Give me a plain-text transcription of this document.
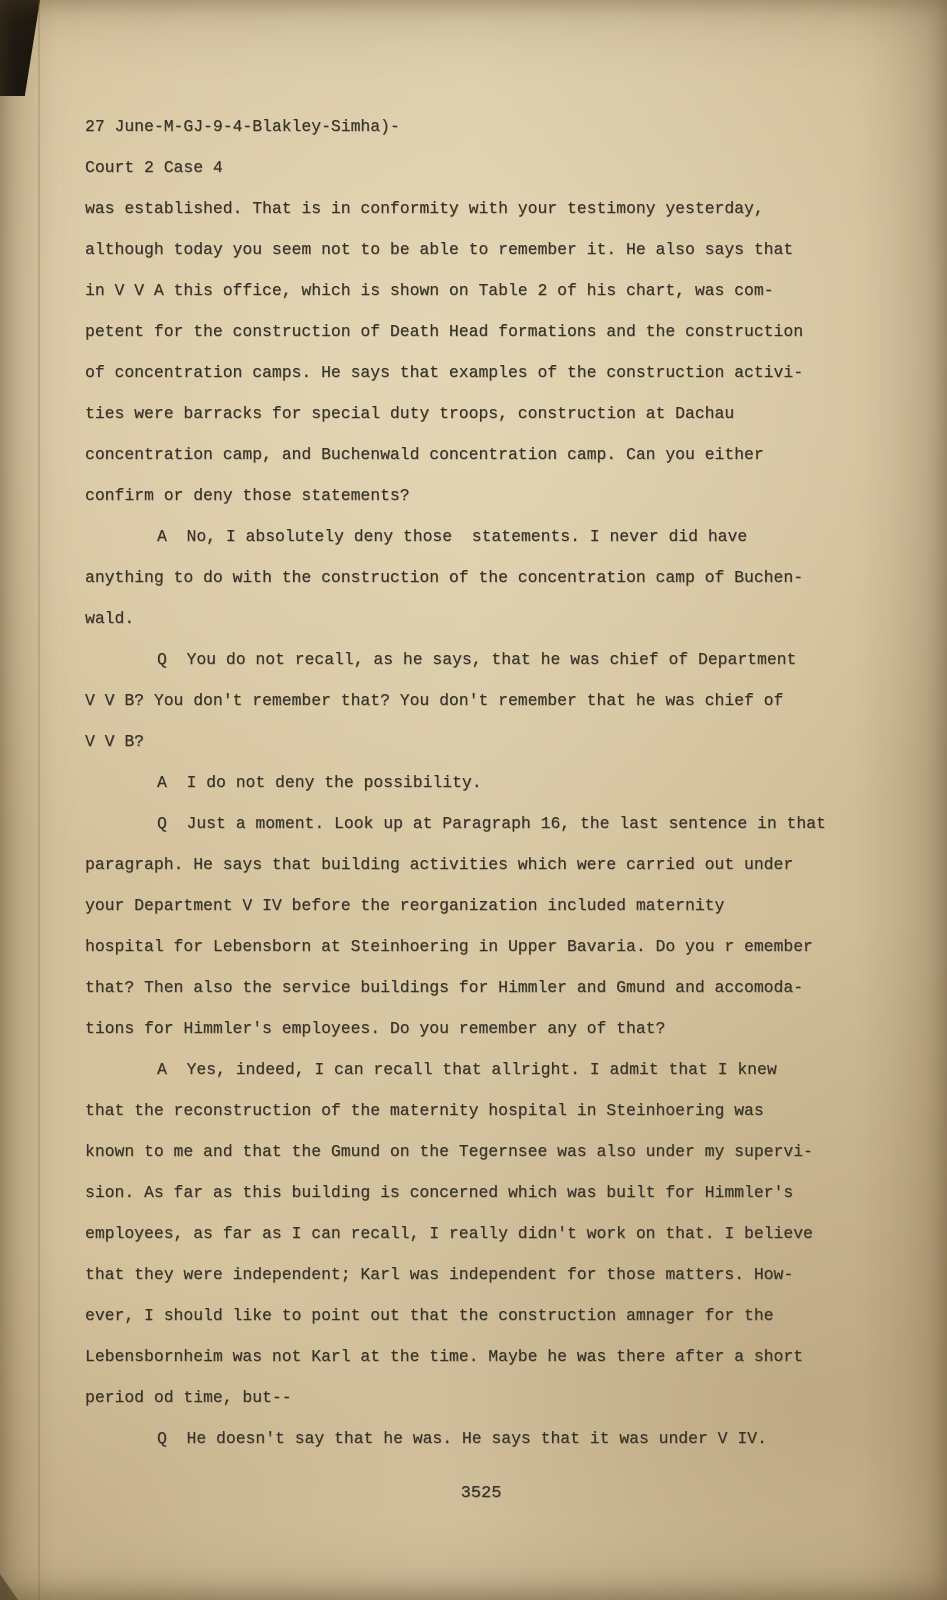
27 June-M-GJ-9-4-Blakley-Simha)-
Court 2 Case 4
was established. That is in conformity with your testimony yesterday,
although today you seem not to be able to remember it. He also says that
in V V A this office, which is shown on Table 2 of his chart, was com-
petent for the construction of Death Head formations and the construction
of concentration camps. He says that examples of the construction activi-
ties were barracks for special duty troops, construction at Dachau
concentration camp, and Buchenwald concentration camp. Can you either
confirm or deny those statements?
A  No, I absolutely deny those  statements. I never did have
anything to do with the construction of the concentration camp of Buchen-
wald.
Q  You do not recall, as he says, that he was chief of Department
V V B? You don't remember that? You don't remember that he was chief of
V V B?
A  I do not deny the possibility.
Q  Just a moment. Look up at Paragraph 16, the last sentence in that
paragraph. He says that building activities which were carried out under
your Department V IV before the reorganization included maternity
hospital for Lebensborn at Steinhoering in Upper Bavaria. Do you r emember
that? Then also the service buildings for Himmler and Gmund and accomoda-
tions for Himmler's employees. Do you remember any of that?
A  Yes, indeed, I can recall that allright. I admit that I knew
that the reconstruction of the maternity hospital in Steinhoering was
known to me and that the Gmund on the Tegernsee was also under my supervi-
sion. As far as this building is concerned which was built for Himmler's
employees, as far as I can recall, I really didn't work on that. I believe
that they were independent; Karl was independent for those matters. How-
ever, I should like to point out that the construction amnager for the
Lebensbornheim was not Karl at the time. Maybe he was there after a short
period od time, but--
Q  He doesn't say that he was. He says that it was under V IV.
3525
